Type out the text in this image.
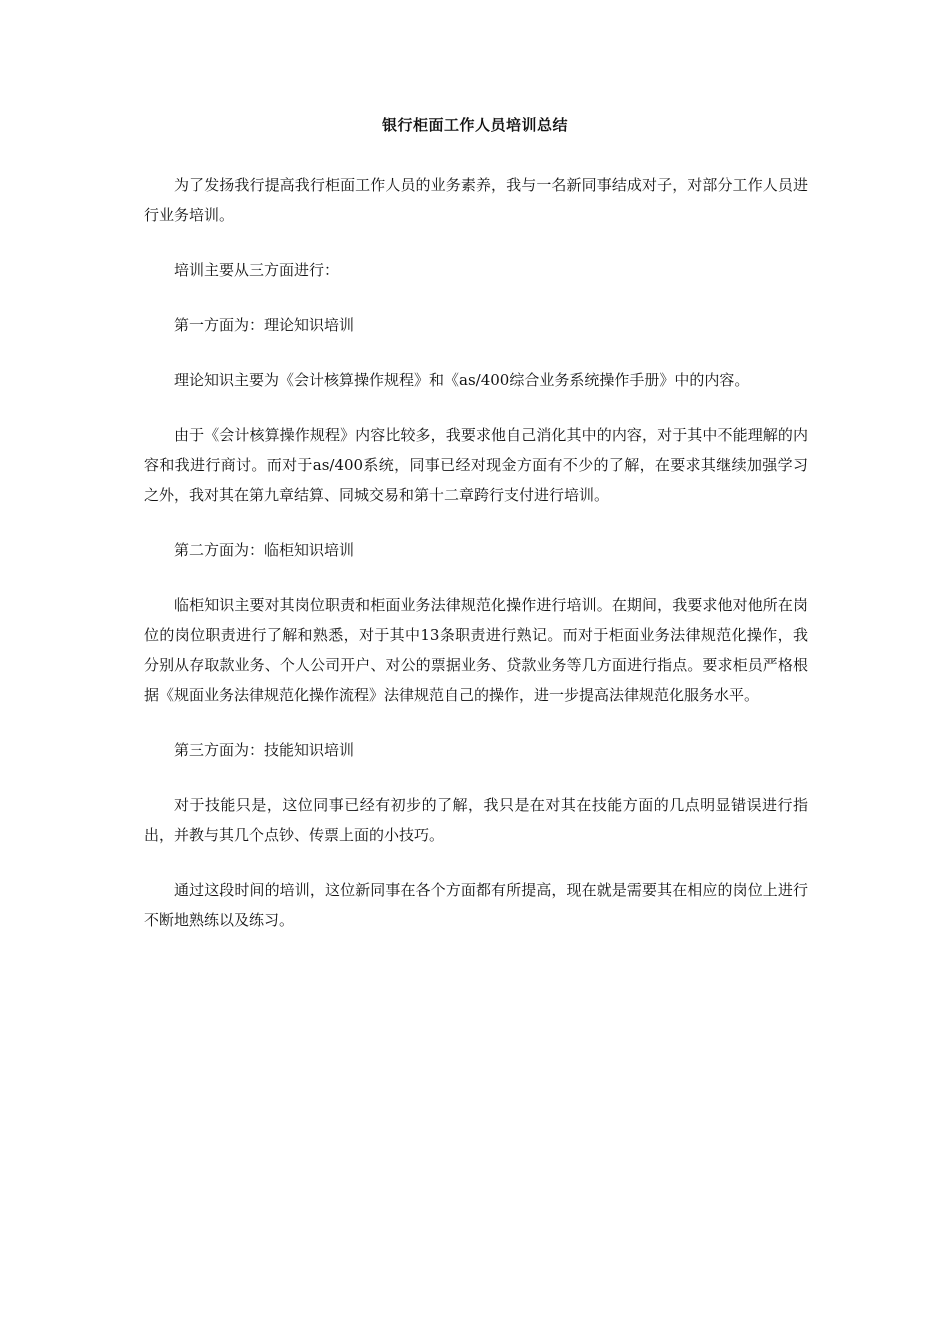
银行柜面工作人员培训总结

为了发扬我行提高我行柜面工作人员的业务素养，我与一名新同事结成对子，对部分工作人员进行业务培训。

培训主要从三方面进行：

第一方面为：理论知识培训

理论知识主要为《会计核算操作规程》和《as/400综合业务系统操作手册》中的内容。

由于《会计核算操作规程》内容比较多，我要求他自己消化其中的内容，对于其中不能理解的内容和我进行商讨。而对于as/400系统，同事已经对现金方面有不少的了解，在要求其继续加强学习之外，我对其在第九章结算、同城交易和第十二章跨行支付进行培训。

第二方面为：临柜知识培训

临柜知识主要对其岗位职责和柜面业务法律规范化操作进行培训。在期间，我要求他对他所在岗位的岗位职责进行了解和熟悉，对于其中13条职责进行熟记。而对于柜面业务法律规范化操作，我分别从存取款业务、个人公司开户、对公的票据业务、贷款业务等几方面进行指点。要求柜员严格根据《规面业务法律规范化操作流程》法律规范自己的操作，进一步提高法律规范化服务水平。

第三方面为：技能知识培训

对于技能只是，这位同事已经有初步的了解，我只是在对其在技能方面的几点明显错误进行指出，并教与其几个点钞、传票上面的小技巧。

通过这段时间的培训，这位新同事在各个方面都有所提高，现在就是需要其在相应的岗位上进行不断地熟练以及练习。
